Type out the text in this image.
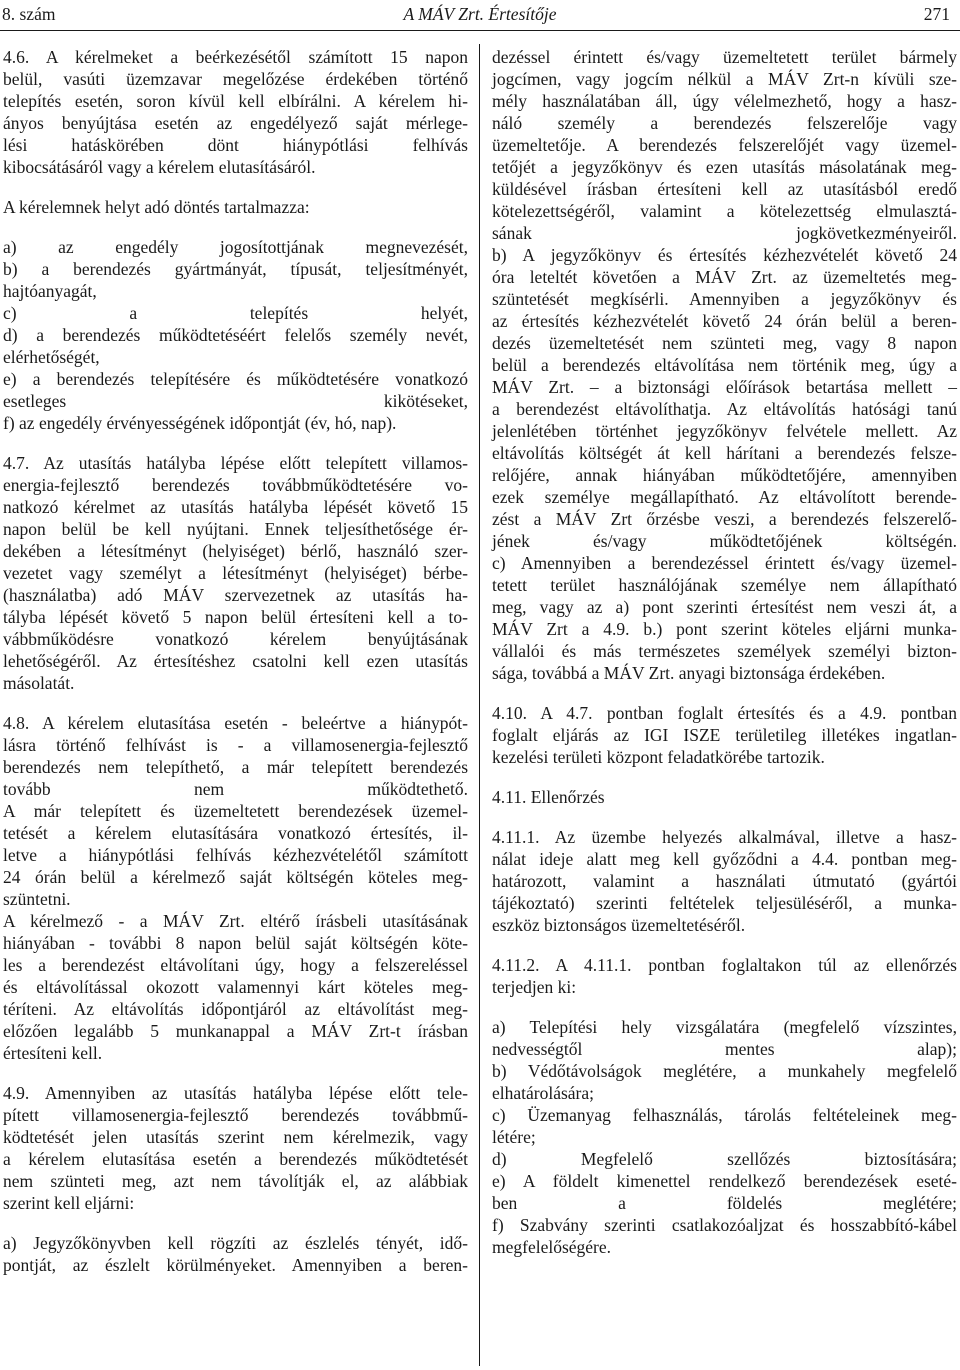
8. szám	A MÁV Zrt. Értesítője	271
4.6. A kérelmeket a beérkezésétől számított 15 napon
belül, vasúti üzemzavar megelőzése érdekében történő
telepítés esetén, soron kívül kell elbírálni. A kérelem hi-
ányos benyújtása esetén az engedélyező saját mérlege-
lési hatáskörében dönt hiánypótlási felhívás
kibocsátásáról vagy a kérelem elutasításáról.
A kérelemnek helyt adó döntés tartalmazza:
a) az engedély jogosítottjának megnevezését,
b) a berendezés gyártmányát, típusát, teljesítményét,
hajtóanyagát,
c) a telepítés helyét,
d) a berendezés működtetéséért felelős személy nevét,
elérhetőségét,
e) a berendezés telepítésére és működtetésére vonatkozó
esetleges kikötéseket,
f) az engedély érvényességének időpontját (év, hó, nap).
4.7. Az utasítás hatályba lépése előtt telepített villamos-
energia-fejlesztő berendezés továbbműködtetésére vo-
natkozó kérelmet az utasítás hatályba lépését követő 15
napon belül be kell nyújtani. Ennek teljesíthetősége ér-
dekében a létesítményt (helyiséget) bérlő, használó szer-
vezetet vagy személyt a létesítményt (helyiséget) bérbe-
(használatba) adó MÁV szervezetnek az utasítás ha-
tályba lépését követő 5 napon belül értesíteni kell a to-
vábbműködésre vonatkozó kérelem benyújtásának
lehetőségéről. Az értesítéshez csatolni kell ezen utasítás
másolatát.
4.8. A kérelem elutasítása esetén - beleértve a hiánypót-
lásra történő felhívást is - a villamosenergia-fejlesztő
berendezés nem telepíthető, a már telepített berendezés
tovább nem működtethető.
A már telepített és üzemeltetett berendezések üzemel-
tetését a kérelem elutasítására vonatkozó értesítés, il-
letve a hiánypótlási felhívás kézhezvételétől számított
24 órán belül a kérelmező saját költségén köteles meg-
szüntetni.
A kérelmező - a MÁV Zrt. eltérő írásbeli utasításának
hiányában - további 8 napon belül saját költségén köte-
les a berendezést eltávolítani úgy, hogy a felszereléssel
és eltávolítással okozott valamennyi kárt köteles meg-
téríteni. Az eltávolítás időpontjáról az eltávolítást meg-
előzően legalább 5 munkanappal a MÁV Zrt-t írásban
értesíteni kell.
4.9. Amennyiben az utasítás hatályba lépése előtt tele-
pített villamosenergia-fejlesztő berendezés továbbmű-
ködtetését jelen utasítás szerint nem kérelmezik, vagy
a kérelem elutasítása esetén a berendezés működtetését
nem szünteti meg, azt nem távolítják el, az alábbiak
szerint kell eljárni:
a) Jegyzőkönyvben kell rögzíti az észlelés tényét, idő-
pontját, az észlelt körülményeket. Amennyiben a beren-
dezéssel érintett és/vagy üzemeltetett terület bármely
jogcímen, vagy jogcím nélkül a MÁV Zrt-n kívüli sze-
mély használatában áll, úgy vélelmezhető, hogy a hasz-
náló személy a berendezés felszerelője vagy
üzemeltetője. A berendezés felszerelőjét vagy üzemel-
tetőjét a jegyzőkönyv és ezen utasítás másolatának meg-
küldésével írásban értesíteni kell az utasításból eredő
kötelezettségéről, valamint a kötelezettség elmulasztá-
sának jogkövetkezményeiről.
b) A jegyzőkönyv és értesítés kézhezvételét követő 24
óra leteltét követően a MÁV Zrt. az üzemeltetés meg-
szüntetését megkísérli. Amennyiben a jegyzőkönyv és
az értesítés kézhezvételét követő 24 órán belül a beren-
dezés üzemeltetését nem szünteti meg, vagy 8 napon
belül a berendezés eltávolítása nem történik meg, úgy a
MÁV Zrt. – a biztonsági előírások betartása mellett –
a berendezést eltávolíthatja. Az eltávolítás hatósági tanú
jelenlétében történhet jegyzőkönyv felvétele mellett. Az
eltávolítás költségét át kell hárítani a berendezés felsze-
relőjére, annak hiányában működtetőjére, amennyiben
ezek személye megállapítható. Az eltávolított berende-
zést a MÁV Zrt őrzésbe veszi, a berendezés felszerelő-
jének és/vagy működtetőjének költségén.
c) Amennyiben a berendezéssel érintett és/vagy üzemel-
tetett terület használójának személye nem állapítható
meg, vagy az a) pont szerinti értesítést nem veszi át, a
MÁV Zrt a 4.9. b.) pont szerint köteles eljárni munka-
vállalói és más természetes személyek személyi bizton-
sága, továbbá a MÁV Zrt. anyagi biztonsága érdekében.
4.10. A 4.7. pontban foglalt értesítés és a 4.9. pontban
foglalt eljárás az IGI ISZE területileg illetékes ingatlan-
kezelési területi központ feladatkörébe tartozik.
4.11. Ellenőrzés
4.11.1. Az üzembe helyezés alkalmával, illetve a hasz-
nálat ideje alatt meg kell győződni a 4.4. pontban meg-
határozott, valamint a használati útmutató (gyártói
tájékoztató) szerinti feltételek teljesüléséről, a munka-
eszköz biztonságos üzemeltetéséről.
4.11.2. A 4.11.1. pontban foglaltakon túl az ellenőrzés
terjedjen ki:
a) Telepítési hely vizsgálatára (megfelelő vízszintes,
nedvességtől mentes alap);
b) Védőtávolságok meglétére, a munkahely megfelelő
elhatárolására;
c) Üzemanyag felhasználás, tárolás feltételeinek meg-
létére;
d) Megfelelő szellőzés biztosítására;
e) A földelt kimenettel rendelkező berendezések eseté-
ben a földelés meglétére;
f) Szabvány szerinti csatlakozóaljzat és hosszabbító-kábel
megfelelőségére.
